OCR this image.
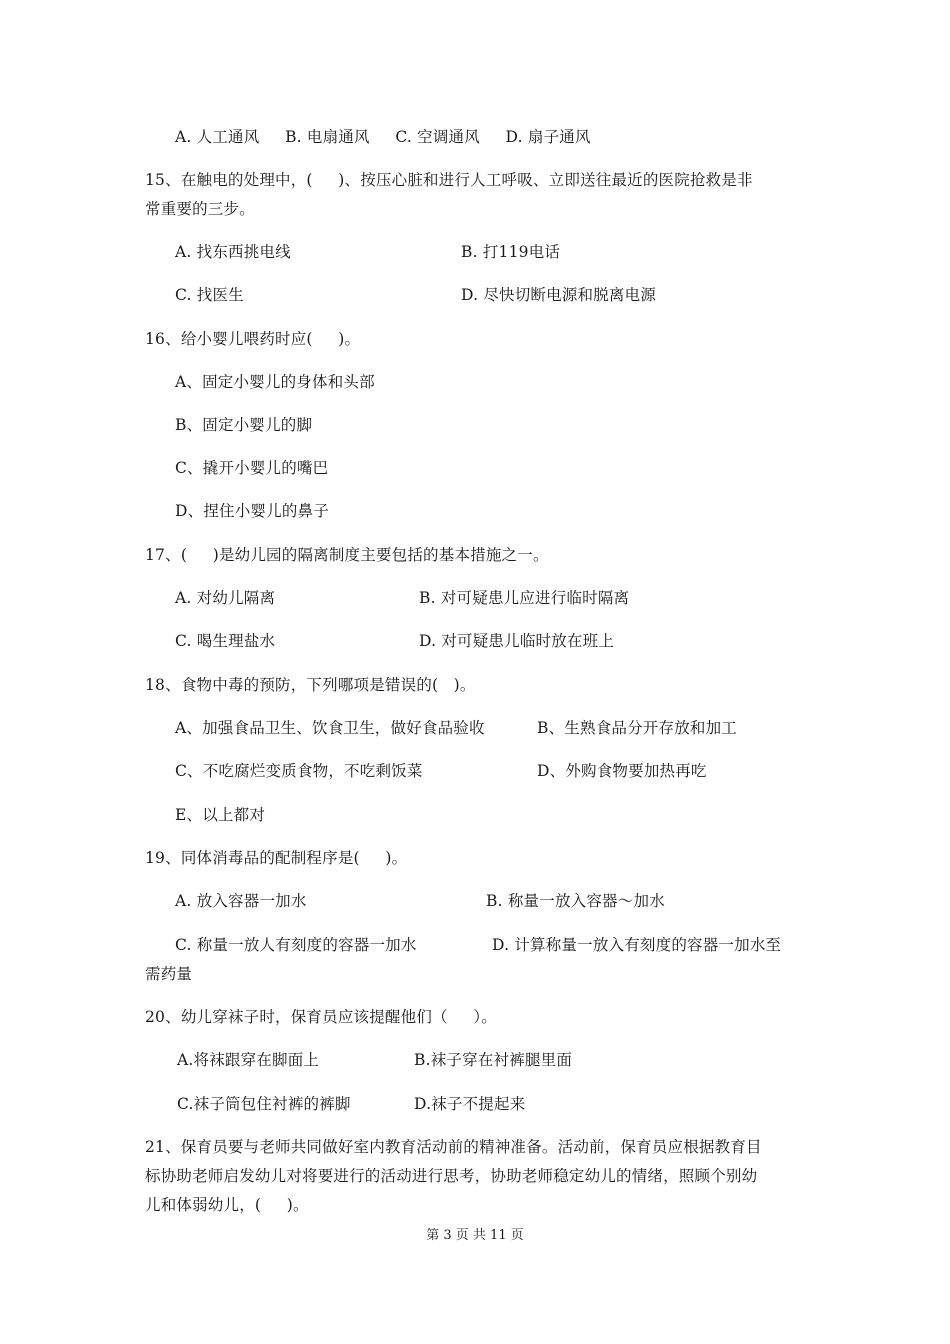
A. 人工通风     B. 电扇通风     C. 空调通风     D. 扇子通风
15、在触电的处理中，(     )、按压心脏和进行人工呼吸、立即送往最近的医院抢救是非
常重要的三步。
A. 找东西挑电线	B. 打119电话
C. 找医生	D. 尽快切断电源和脱离电源
16、给小婴儿喂药时应(     )。
A、固定小婴儿的身体和头部
B、固定小婴儿的脚
C、撬开小婴儿的嘴巴
D、捏住小婴儿的鼻子
17、(     )是幼儿园的隔离制度主要包括的基本措施之一。
A. 对幼儿隔离	B. 对可疑患儿应进行临时隔离
C. 喝生理盐水	D. 对可疑患儿临时放在班上
18、食物中毒的预防，下列哪项是错误的(   )。
A、加强食品卫生、饮食卫生，做好食品验收	B、生熟食品分开存放和加工
C、不吃腐烂变质食物，不吃剩饭菜	D、外购食物要加热再吃
E、以上都对
19、同体消毒品的配制程序是(     )。
A. 放入容器一加水	B. 称量一放入容器～加水
C. 称量一放人有刻度的容器一加水	D. 计算称量一放入有刻度的容器一加水至
需药量
20、幼儿穿袜子时，保育员应该提醒他们（     ）。
A.将袜跟穿在脚面上	B.袜子穿在衬裤腿里面
C.袜子筒包住衬裤的裤脚	D.袜子不提起来
21、保育员要与老师共同做好室内教育活动前的精神准备。活动前，保育员应根据教育目
标协助老师启发幼儿对将要进行的活动进行思考，协助老师稳定幼儿的情绪，照顾个别幼
儿和体弱幼儿，(     )。
第 3 页 共 11 页
